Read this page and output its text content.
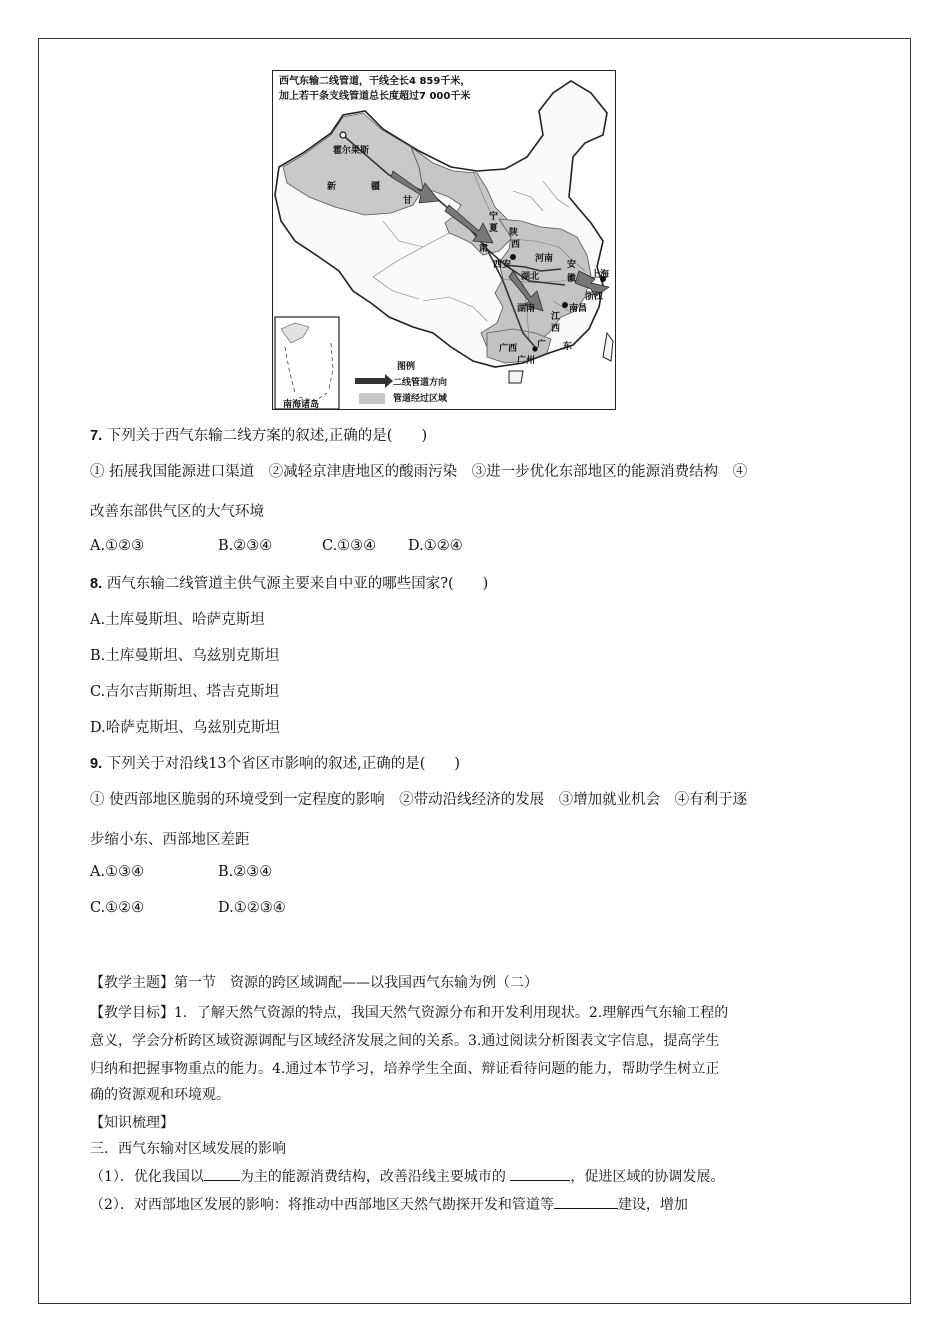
西气东输二线管道，干线全长4 859千米，
加上若干条支线管道总长度超过7 000千米
霍尔果斯
新	疆
甘
肃
宁
夏 陕
西
西安
河南
安
徽
湖北	上海
南昌
浙江
湖南
江
西
广西 广 东
广州
南海诸岛
图例
二线管道方向
管道经过区域
7. 下列关于西气东输二线方案的叙述,正确的是(　　)
① 拓展我国能源进口渠道　②减轻京津唐地区的酸雨污染　③进一步优化东部地区的能源消费结构　④
改善东部供气区的大气环境
A.①②③	B.②③④	C.①③④ D.①②④
8. 西气东输二线管道主供气源主要来自中亚的哪些国家?(　　)
A.土库曼斯坦、哈萨克斯坦
B.土库曼斯坦、乌兹别克斯坦
C.吉尔吉斯斯坦、塔吉克斯坦
D.哈萨克斯坦、乌兹别克斯坦
9. 下列关于对沿线13个省区市影响的叙述,正确的是(　　)
① 使西部地区脆弱的环境受到一定程度的影响　②带动沿线经济的发展　③增加就业机会　④有利于逐
步缩小东、西部地区差距
A.①③④	B.②③④
C.①②④	D.①②③④
【教学主题】第一节　资源的跨区域调配——以我国西气东输为例（二）
【教学目标】1．了解天然气资源的特点，我国天然气资源分布和开发利用现状。2.理解西气东输工程的
意义，学会分析跨区域资源调配与区域经济发展之间的关系。3.通过阅读分析图表文字信息，提高学生
归纳和把握事物重点的能力。4.通过本节学习，培养学生全面、辩证看待问题的能力，帮助学生树立正
确的资源观和环境观。
【知识梳理】
三．西气东输对区域发展的影响
（1）．优化我国以	为主的能源消费结构，改善沿线主要城市的	，促进区域的协调发展。
（2）．对西部地区发展的影响：将推动中西部地区天然气勘探开发和管道等	建设，增加
